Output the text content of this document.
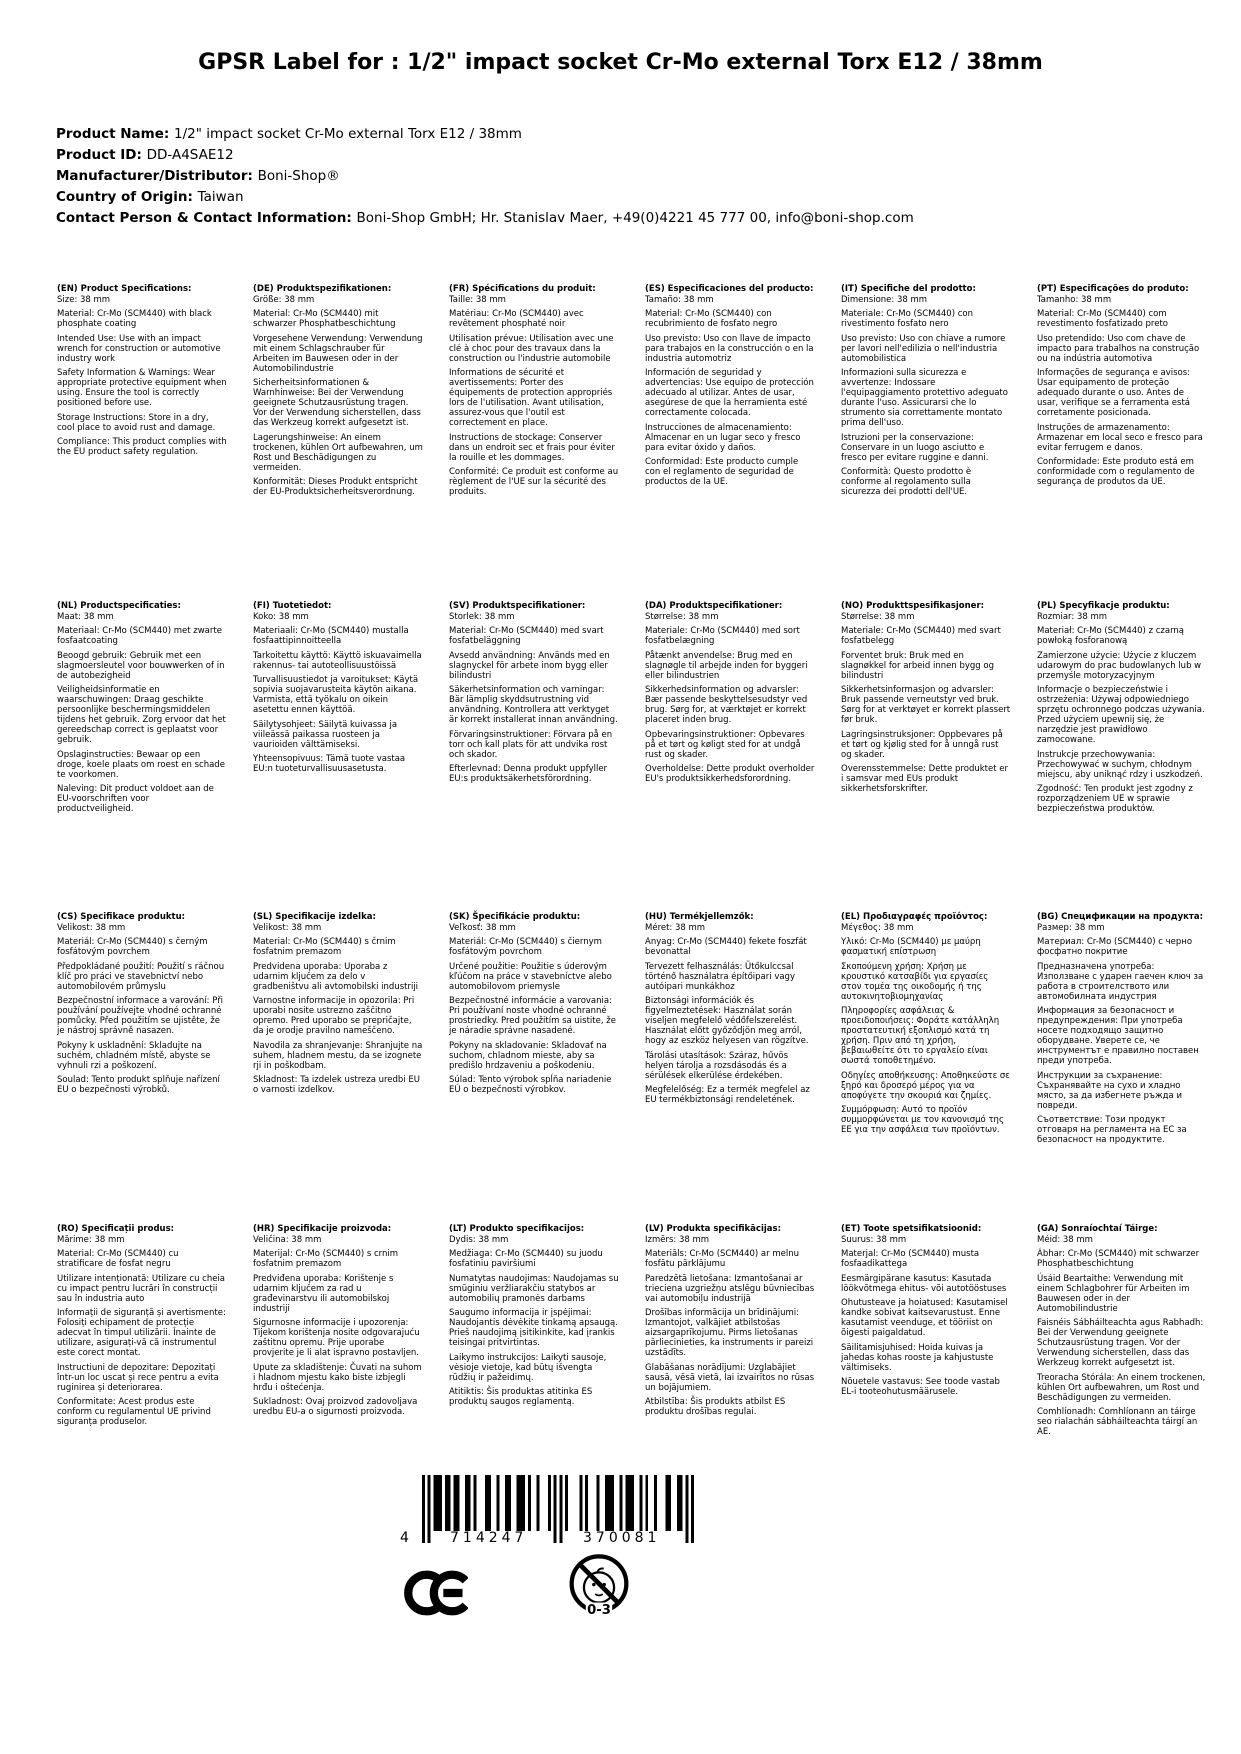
GPSR Label for : 1/2" impact socket Cr-Mo external Torx E12 / 38mm
Product Name: 1/2" impact socket Cr-Mo external Torx E12 / 38mm
Product ID: DD-A4SAE12
Manufacturer/Distributor: Boni-Shop®
Country of Origin: Taiwan
Contact Person & Contact Information: Boni-Shop GmbH; Hr. Stanislav Maer, +49(0)4221 45 777 00, info@boni-shop.com
(EN) Product Specifications:
Size: 38 mm
Material: Cr-Mo (SCM440) with black phosphate coating
Intended Use: Use with an impact wrench for construction or automotive industry work
Safety Information & Warnings: Wear appropriate protective equipment when using. Ensure the tool is correctly positioned before use.
Storage Instructions: Store in a dry, cool place to avoid rust and damage.
Compliance: This product complies with the EU product safety regulation.
(DE) Produktspezifikationen:
Größe: 38 mm
Material: Cr-Mo (SCM440) mit schwarzer Phosphatbeschichtung
Vorgesehene Verwendung: Verwendung mit einem Schlagschrauber für Arbeiten im Bauwesen oder in der Automobilindustrie
Sicherheitsinformationen & Warnhinweise: Bei der Verwendung geeignete Schutzausrüstung tragen. Vor der Verwendung sicherstellen, dass das Werkzeug korrekt aufgesetzt ist.
Lagerungshinweise: An einem trockenen, kühlen Ort aufbewahren, um Rost und Beschädigungen zu vermeiden.
Konformität: Dieses Produkt entspricht der EU-Produktsicherheitsverordnung.
(FR) Spécifications du produit:
Taille: 38 mm
Matériau: Cr-Mo (SCM440) avec revêtement phosphaté noir
Utilisation prévue: Utilisation avec une clé à choc pour des travaux dans la construction ou l'industrie automobile
Informations de sécurité et avertissements: Porter des équipements de protection appropriés lors de l'utilisation. Avant utilisation, assurez-vous que l'outil est correctement en place.
Instructions de stockage: Conserver dans un endroit sec et frais pour éviter la rouille et les dommages.
Conformité: Ce produit est conforme au règlement de l'UE sur la sécurité des produits.
(ES) Especificaciones del producto:
Tamaño: 38 mm
Material: Cr-Mo (SCM440) con recubrimiento de fosfato negro
Uso previsto: Uso con llave de impacto para trabajos en la construcción o en la industria automotriz
Información de seguridad y advertencias: Use equipo de protección adecuado al utilizar. Antes de usar, asegúrese de que la herramienta esté correctamente colocada.
Instrucciones de almacenamiento: Almacenar en un lugar seco y fresco para evitar óxido y daños.
Conformidad: Este producto cumple con el reglamento de seguridad de productos de la UE.
(IT) Specifiche del prodotto:
Dimensione: 38 mm
Materiale: Cr-Mo (SCM440) con rivestimento fosfato nero
Uso previsto: Uso con chiave a rumore per lavori nell'edilizia o nell'industria automobilistica
Informazioni sulla sicurezza e avvertenze: Indossare l'equipaggiamento protettivo adeguato durante l'uso. Assicurarsi che lo strumento sia correttamente montato prima dell'uso.
Istruzioni per la conservazione: Conservare in un luogo asciutto e fresco per evitare ruggine e danni.
Conformità: Questo prodotto è conforme al regolamento sulla sicurezza dei prodotti dell'UE.
(PT) Especificações do produto:
Tamanho: 38 mm
Material: Cr-Mo (SCM440) com revestimento fosfatizado preto
Uso pretendido: Uso com chave de impacto para trabalhos na construção ou na indústria automotiva
Informações de segurança e avisos: Usar equipamento de proteção adequado durante o uso. Antes de usar, verifique se a ferramenta está corretamente posicionada.
Instruções de armazenamento: Armazenar em local seco e fresco para evitar ferrugem e danos.
Conformidade: Este produto está em conformidade com o regulamento de segurança de produtos da UE.
(NL) Productspecificaties:
Maat: 38 mm
Materiaal: Cr-Mo (SCM440) met zwarte fosfaatcoating
Beoogd gebruik: Gebruik met een slagmoersleutel voor bouwwerken of in de autobezigheid
Veiligheidsinformatie en waarschuwingen: Draag geschikte persoonlijke beschermingsmiddelen tijdens het gebruik. Zorg ervoor dat het gereedschap correct is geplaatst voor gebruik.
Opslaginstructies: Bewaar op een droge, koele plaats om roest en schade te voorkomen.
Naleving: Dit product voldoet aan de EU-voorschriften voor productveiligheid.
(FI) Tuotetiedot:
Koko: 38 mm
Materiaali: Cr-Mo (SCM440) mustalla fosfaattipinnoitteella
Tarkoitettu käyttö: Käyttö iskuavaimella rakennus- tai autoteollisuustöissä
Turvallisuustiedot ja varoitukset: Käytä sopivia suojavarusteita käytön aikana. Varmista, että työkalu on oikein asetettu ennen käyttöä.
Säilytysohjeet: Säilytä kuivassa ja viileässä paikassa ruosteen ja vaurioiden välttämiseksi.
Yhteensopivuus: Tämä tuote vastaa EU:n tuoteturvallisuusasetusta.
(SV) Produktspecifikationer:
Storlek: 38 mm
Material: Cr-Mo (SCM440) med svart fosfatbeläggning
Avsedd användning: Används med en slagnyckel för arbete inom bygg eller bilindustri
Säkerhetsinformation och varningar: Bär lämplig skyddsutrustning vid användning. Kontrollera att verktyget är korrekt installerat innan användning.
Förvaringsinstruktioner: Förvara på en torr och kall plats för att undvika rost och skador.
Efterlevnad: Denna produkt uppfyller EU:s produktsäkerhetsförordning.
(DA) Produktspecifikationer:
Størrelse: 38 mm
Materiale: Cr-Mo (SCM440) med sort fosfatbelægning
Påtænkt anvendelse: Brug med en slagnøgle til arbejde inden for byggeri eller bilindustrien
Sikkerhedsinformation og advarsler: Bær passende beskyttelsesudstyr ved brug. Sørg for, at værktøjet er korrekt placeret inden brug.
Opbevaringsinstruktioner: Opbevares på et tørt og køligt sted for at undgå rust og skader.
Overholdelse: Dette produkt overholder EU's produktsikkerhedsforordning.
(NO) Produkttspesifikasjoner:
Størrelse: 38 mm
Materiale: Cr-Mo (SCM440) med svart fosfatbelegg
Forventet bruk: Bruk med en slagnøkkel for arbeid innen bygg og bilindustri
Sikkerhetsinformasjon og advarsler: Bruk passende verneutstyr ved bruk. Sørg for at verktøyet er korrekt plassert før bruk.
Lagringsinstruksjoner: Oppbevares på et tørt og kjølig sted for å unngå rust og skader.
Overensstemmelse: Dette produktet er i samsvar med EUs produkt sikkerhetsforskrifter.
(PL) Specyfikacje produktu:
Rozmiar: 38 mm
Materiał: Cr-Mo (SCM440) z czarną powłoką fosforanową
Zamierzone użycie: Użycie z kluczem udarowym do prac budowlanych lub w przemyśle motoryzacyjnym
Informacje o bezpieczeństwie i ostrzeżenia: Używaj odpowiedniego sprzętu ochronnego podczas używania. Przed użyciem upewnij się, że narzędzie jest prawidłowo zamocowane.
Instrukcje przechowywania: Przechowywać w suchym, chłodnym miejscu, aby uniknąć rdzy i uszkodzeń.
Zgodność: Ten produkt jest zgodny z rozporządzeniem UE w sprawie bezpieczeństwa produktów.
(CS) Specifikace produktu:
Velikost: 38 mm
Materiál: Cr-Mo (SCM440) s černým fosfátovým povrchem
Předpokládané použití: Použití s ráčnou klíč pro práci ve stavebnictví nebo automobilovém průmyslu
Bezpečnostní informace a varování: Při používání používejte vhodné ochranné pomůcky. Před použitím se ujistěte, že je nástroj správně nasazen.
Pokyny k uskladnění: Skladujte na suchém, chladném místě, abyste se vyhnuli rzi a poškození.
Soulad: Tento produkt splňuje nařízení EU o bezpečnosti výrobků.
(SL) Specifikacije izdelka:
Velikost: 38 mm
Material: Cr-Mo (SCM440) s črnim fosfatnim premazom
Predvidena uporaba: Uporaba z udarnim ključem za delo v gradbeništvu ali avtomobilski industriji
Varnostne informacije in opozorila: Pri uporabi nosite ustrezno zaščitno opremo. Pred uporabo se prepričajte, da je orodje pravilno nameščeno.
Navodila za shranjevanje: Shranjujte na suhem, hladnem mestu, da se izognete rji in poškodbam.
Skladnost: Ta izdelek ustreza uredbi EU o varnosti izdelkov.
(SK) Špecifikácie produktu:
Veľkosť: 38 mm
Materiál: Cr-Mo (SCM440) s čiernym fosfátovým povrchom
Určené použitie: Použitie s úderovým kľúčom na práce v stavebníctve alebo automobilovom priemysle
Bezpečnostné informácie a varovania: Pri používaní noste vhodné ochranné prostriedky. Pred použitím sa uistite, že je náradie správne nasadené.
Pokyny na skladovanie: Skladovať na suchom, chladnom mieste, aby sa predišlo hrdzaveniu a poškodeniu.
Súlad: Tento výrobok spĺňa nariadenie EÚ o bezpečnosti výrobkov.
(HU) Termékjellemzők:
Méret: 38 mm
Anyag: Cr-Mo (SCM440) fekete foszfát bevonattal
Tervezett felhasználás: Ütőkulccsal történő használatra építőipari vagy autóipari munkákhoz
Biztonsági információk és figyelmeztetések: Használat során viseljen megfelelő védőfelszerelést. Használat előtt győződjön meg arról, hogy az eszköz helyesen van rögzítve.
Tárolási utasítások: Száraz, hűvös helyen tárolja a rozsdásodás és a sérülések elkerülése érdekében.
Megfelelőség: Ez a termék megfelel az EU termékbiztonsági rendeletének.
(EL) Προδιαγραφές προϊόντος:
Μέγεθος: 38 mm
Υλικό: Cr-Mo (SCM440) με μαύρη φασματική επίστρωση
Σκοπούμενη χρήση: Χρήση με κρουστικό κατσαβίδι για εργασίες στον τομέα της οικοδομής ή της αυτοκινητοβιομηχανίας
Πληροφορίες ασφάλειας & προειδοποιήσεις: Φοράτε κατάλληλη προστατευτική εξοπλισμό κατά τη χρήση. Πριν από τη χρήση, βεβαιωθείτε ότι το εργαλείο είναι σωστά τοποθετημένο.
Οδηγίες αποθήκευσης: Αποθηκεύστε σε ξηρό και δροσερό μέρος για να αποφύγετε την σκουριά και ζημίες.
Συμμόρφωση: Αυτό το προϊόν συμμορφώνεται με τον κανονισμό της ΕΕ για την ασφάλεια των προϊόντων.
(BG) Спецификации на продукта:
Размер: 38 mm
Материал: Cr-Mo (SCM440) с черно фосфатно покритие
Предназначена употреба: Използване с ударен гаечен ключ за работа в строителството или автомобилната индустрия
Информация за безопасност и предупреждения: При употреба носете подходящо защитно оборудване. Уверете се, че инструментът е правилно поставен преди употреба.
Инструкции за съхранение: Съхранявайте на сухо и хладно място, за да избегнете ръжда и повреди.
Съответствие: Този продукт отговаря на регламента на ЕС за безопасност на продуктите.
(RO) Specificații produs:
Mărime: 38 mm
Material: Cr-Mo (SCM440) cu stratificare de fosfat negru
Utilizare intenționată: Utilizare cu cheia cu impact pentru lucrări în construcții sau în industria auto
Informații de siguranță și avertismente: Folosiți echipament de protecție adecvat în timpul utilizării. Înainte de utilizare, asigurați-vă că instrumentul este corect montat.
Instructiuni de depozitare: Depozitați într-un loc uscat și rece pentru a evita ruginirea și deteriorarea.
Conformitate: Acest produs este conform cu regulamentul UE privind siguranța produselor.
(HR) Specifikacije proizvoda:
Veličina: 38 mm
Materijal: Cr-Mo (SCM440) s crnim fosfatnim premazom
Predviđena uporaba: Korištenje s udarnim ključem za rad u građevinarstvu ili automobilskoj industriji
Sigurnosne informacije i upozorenja: Tijekom korištenja nosite odgovarajuću zaštitnu opremu. Prije uporabe provjerite je li alat ispravno postavljen.
Upute za skladištenje: Čuvati na suhom i hladnom mjestu kako biste izbjegli hrđu i oštećenja.
Sukladnost: Ovaj proizvod zadovoljava uredbu EU-a o sigurnosti proizvoda.
(LT) Produkto specifikacijos:
Dydis: 38 mm
Medžiaga: Cr-Mo (SCM440) su juodu fosfatiniu paviršiumi
Numatytas naudojimas: Naudojamas su smūginiu veržliarakčiu statybos ar automobilių pramonės darbams
Saugumo informacija ir įspėjimai: Naudojantis dėvėkite tinkamą apsaugą. Prieš naudojimą įsitikinkite, kad įrankis teisingai pritvirtintas.
Laikymo instrukcijos: Laikyti sausoje, vėsioje vietoje, kad būtų išvengta rūdžių ir pažeidimų.
Atitiktis: Šis produktas atitinka ES produktų saugos reglamentą.
(LV) Produkta specifikācijas:
Izmērs: 38 mm
Materiāls: Cr-Mo (SCM440) ar melnu fosfātu pārklājumu
Paredzētā lietošana: Izmantošanai ar trieciena uzgriežņu atslēgu būvniecības vai automobiļu industrijā
Drošības informācija un brīdinājumi: Izmantojot, valkājiet atbilstošas aizsargaprīkojumu. Pirms lietošanas pārliecinieties, ka instruments ir pareizi uzstādīts.
Glabāšanas norādījumi: Uzglabājiet sausā, vēsā vietā, lai izvairītos no rūsas un bojājumiem.
Atbilstība: Šis produkts atbilst ES produktu drošības regulai.
(ET) Toote spetsifikatsioonid:
Suurus: 38 mm
Materjal: Cr-Mo (SCM440) musta fosfaadikattega
Eesmärgipärane kasutus: Kasutada löökvõtmega ehitus- või autotööstuses
Ohutusteave ja hoiatused: Kasutamisel kandke sobivat kaitsevarustust. Enne kasutamist veenduge, et tööriist on õigesti paigaldatud.
Säilitamisjuhised: Hoida kuivas ja jahedas kohas rooste ja kahjustuste vältimiseks.
Nõuetele vastavus: See toode vastab EL-i tooteohutusmäärusele.
(GA) Sonraíochtaí Táirge:
Méid: 38 mm
Ábhar: Cr-Mo (SCM440) mit schwarzer Phosphatbeschichtung
Úsáid Beartaithe: Verwendung mit einem Schlagbohrer für Arbeiten im Bauwesen oder in der Automobilindustrie
Faisnéis Sábháilteachta agus Rabhadh: Bei der Verwendung geeignete Schutzausrüstung tragen. Vor der Verwendung sicherstellen, dass das Werkzeug korrekt aufgesetzt ist.
Treoracha Stórála: An einem trockenen, kühlen Ort aufbewahren, um Rost und Beschädigungen zu vermeiden.
Comhlíonadh: Comhlíonann an táirge seo rialachán sábháilteachta táirgí an AE.
4	714247	370081
0-3
